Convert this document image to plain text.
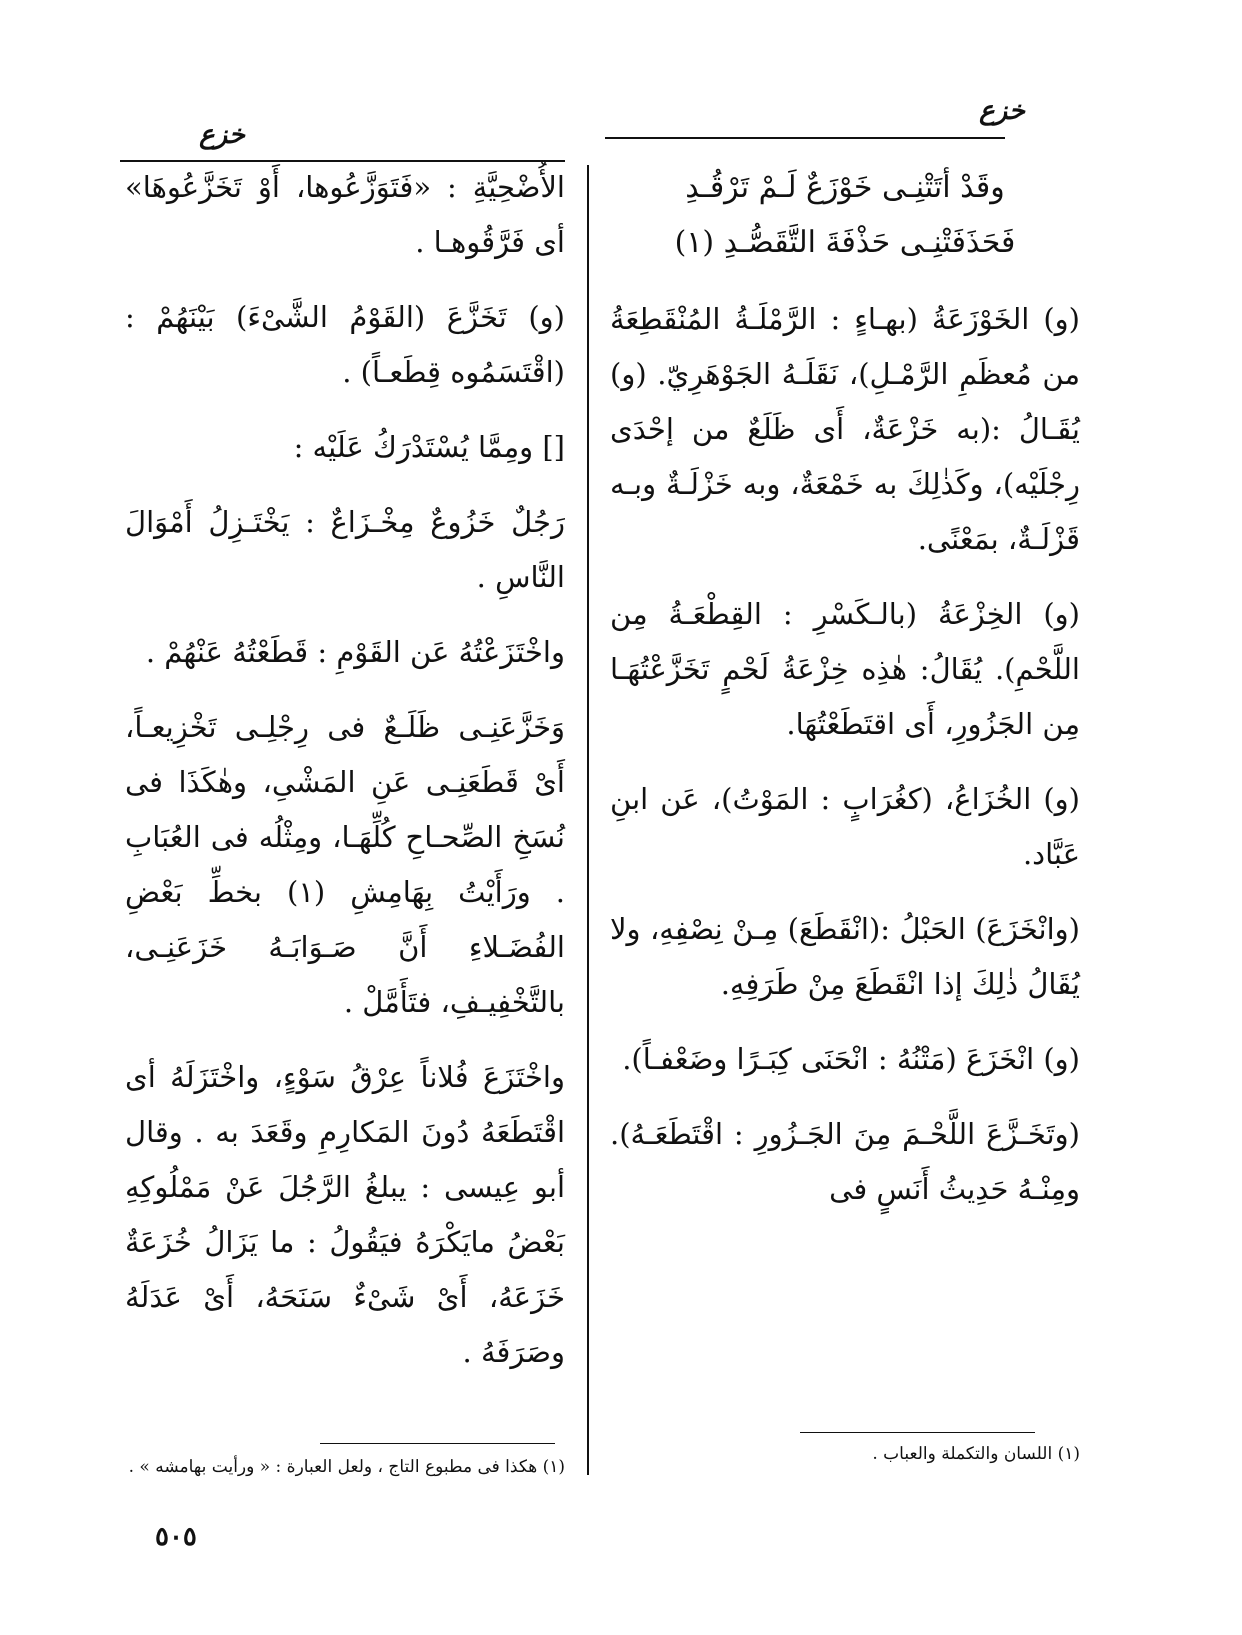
خزع
خزع
وقَدْ أتَتْنِـى خَوْزَعٌ لَـمْ تَرْقُـدِ
فَحَذَفَتْنِـى حَذْفَةَ التَّقَصُّـدِ (١)

(و) الخَوْزَعَةُ (بهـاءٍ : الرَّمْلَـةُ المُنْقَطِعَةُ من مُعظَمِ الرَّمْـلِ)، نَقَلَـهُ الجَوْهَرِيّ. (و) يُقَـالُ :(به خَزْعَةٌ، أَى ظَلَعٌ من إحْدَى رِجْلَيْه)، وكَذٰلِكَ به خَمْعَةٌ، وبه خَزْلَـةٌ وبـه قَزْلَـةٌ، بمَعْنًى.

(و) الخِزْعَةُ (بالـكَسْرِ : القِطْعَـةُ مِن اللَّحْمِ). يُقَالُ: هٰذِه خِزْعَةُ لَحْمٍ تَخَزَّعْتُهَـا مِن الجَزُورِ، أَى اقتَطَعْتُهَا.

(و) الخُزَاعُ، (كغُرَابٍ : المَوْتُ)، عَن ابنِ عَبَّاد.

(وانْخَزَعَ) الحَبْلُ :(انْقَطَعَ) مِـنْ نِصْفِهِ، ولا يُقَالُ ذٰلِكَ إذا انْقَطَعَ مِنْ طَرَفِهِ.

(و) انْخَزَعَ (مَتْنُهُ : انْحَنَى كِبَـرًا وضَعْفـاً).

(وتَخَـزَّعَ اللَّحْـمَ مِنَ الجَـزُورِ : اقْتَطَعَـهُ). ومِنْـهُ حَدِيثُ أَنَسٍ فى

الأُضْحِيَّةِ : «فَتَوَزَّعُوها، أَوْ تَخَزَّعُوهَا» أى فَرَّقُوهـا .

(و) تَخَزَّعَ (القَوْمُ الشَّىْءَ) بَيْنَهُمْ : (اقْتَسَمُوه قِطَعـاً) .

[] ومِمَّا يُسْتَدْرَكُ عَلَيْه :

رَجُلٌ خَزُوعٌ مِخْـزَاعٌ : يَخْتَـزِلُ أَمْوَالَ النَّاسِ .

واخْتَزَعْتُهُ عَن القَوْمِ : قَطَعْتُهُ عَنْهُمْ .

وَخَزَّعَنِـى ظَلَـعٌ فى رِجْلِـى تَخْزِيعـاً، أَىْ قَطَعَنِـى عَنِ المَشْىِ، وهٰكَذَا فى نُسَخِ الصِّحـاحِ كُلِّهَـا، ومِثْلُه فى العُبَابِ . ورَأَيْتُ بِهَامِشِ (١) بخطِّ بَعْضِ الفُضَـلاءِ أَنَّ صَـوَابَـهُ خَزَعَنِـى، بالتَّخْفِيـفِ، فتَأَمَّلْ .

واخْتَزَعَ فُلاناً عِرْقُ سَوْءٍ، واخْتَزَلَهُ أى اقْتَطَعَهُ دُونَ المَكارِمِ وقَعَدَ به . وقال أبو عِيسى : يبلغُ الرَّجُلَ عَنْ مَمْلُوكِهِ بَعْضُ مايَكْرَهُ فيَقُولُ : ما يَزَالُ خُزَعَةٌ خَزَعَهُ، أَىْ شَىْءٌ سَنَحَهُ، أَىْ عَدَلَهُ وصَرَفَهُ .

(١) اللسان والتكملة والعباب .
(١) هكذا فى مطبوع التاج ، ولعل العبارة : « ورأيت بهامشه » .
٥٠٥
